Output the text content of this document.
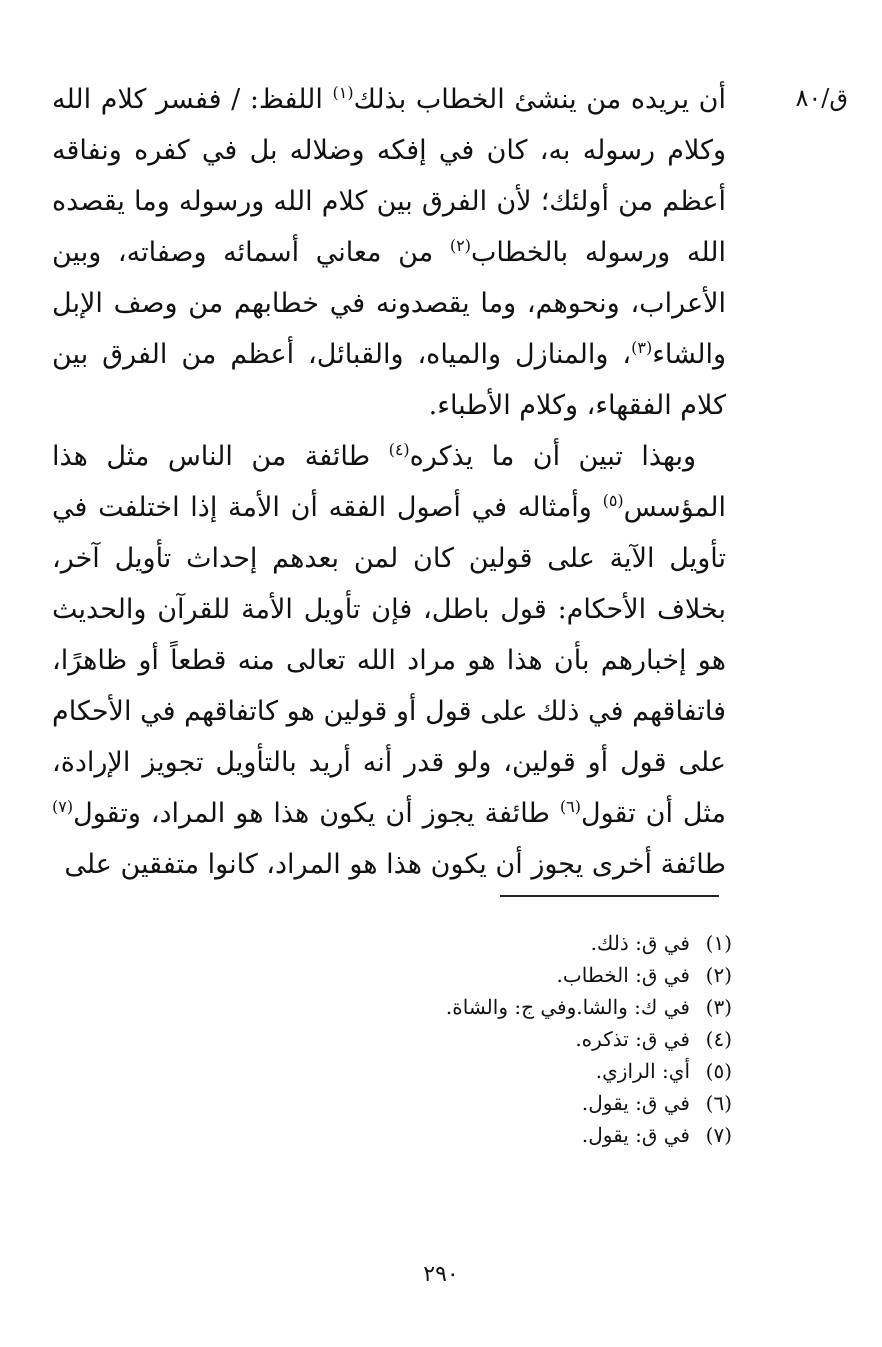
ق/٨٠

أن يريده من ينشئ الخطاب بذلك$^{(١)}$ اللفظ: / ففسر كلام الله وكلام رسوله به، كان في إفكه وضلاله بل في كفره ونفاقه أعظم من أولئك؛ لأن الفرق بين كلام الله ورسوله وما يقصده الله ورسوله بالخطاب$^{(٢)}$ من معاني أسمائه وصفاته، وبين الأعراب، ونحوهم، وما يقصدونه في خطابهم من وصف الإبل والشاء$^{(٣)}$، والمنازل والمياه، والقبائل، أعظم من الفرق بين كلام الفقهاء، وكلام الأطباء.

وبهذا تبين أن ما يذكره$^{(٤)}$ طائفة من الناس مثل هذا المؤسس$^{(٥)}$ وأمثاله في أصول الفقه أن الأمة إذا اختلفت في تأويل الآية على قولين كان لمن بعدهم إحداث تأويل آخر، بخلاف الأحكام: قول باطل، فإن تأويل الأمة للقرآن والحديث هو إخبارهم بأن هذا هو مراد الله تعالى منه قطعاً أو ظاهرًا، فاتفاقهم في ذلك على قول أو قولين هو كاتفاقهم في الأحكام على قول أو قولين، ولو قدر أنه أريد بالتأويل تجويز الإرادة، مثل أن تقول$^{(٦)}$ طائفة يجوز أن يكون هذا هو المراد، وتقول$^{(٧)}$ طائفة أخرى يجوز أن يكون هذا هو المراد، كانوا متفقين على

(١)
في ق: ذلك.
(٢)
في ق: الخطاب.
(٣)
في ك: والشا.وفي ج: والشاة.
(٤)
في ق: تذكره.
(٥)
أي: الرازي.
(٦)
في ق: يقول.
(٧)
في ق: يقول.
٢٩٠
